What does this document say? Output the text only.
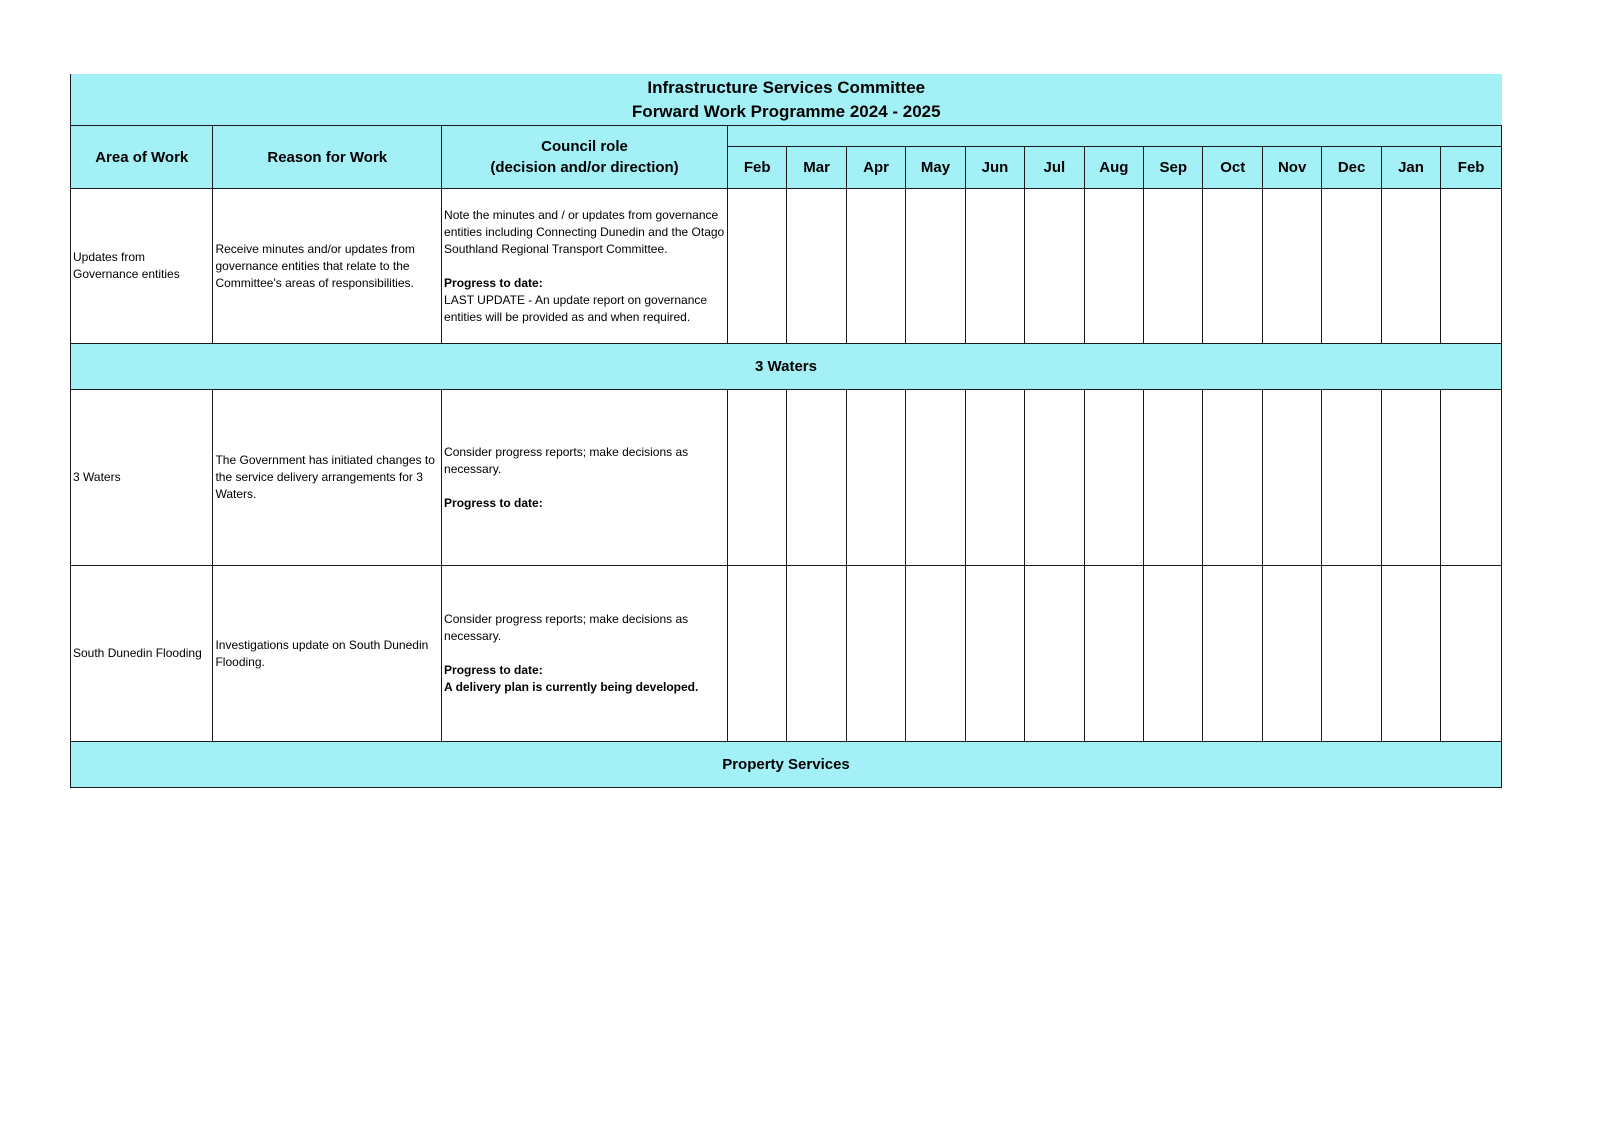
Infrastructure Services Committee
Forward Work Programme 2024 - 2025															

Area of Work	Reason for Work	Council role
(decision and/or direction)													

			Feb	Mar	Apr	May	Jun	Jul	Aug	Sep	Oct	Nov	Dec	Jan	Feb
Updates from Governance entities	Receive minutes and/or updates from governance entities that relate to the Committee's areas of responsibilities.	Note the minutes and / or updates from governance entities including Connecting Dunedin and the Otago Southland Regional Transport Committee.
Progress to date:
LAST UPDATE - An update report on governance entities will be provided as and when required.													

3 Waters															
3 Waters	The Government has initiated changes to the service delivery arrangements for 3 Waters.	Consider progress reports; make decisions as necessary.
Progress to date:													

South Dunedin Flooding	Investigations update on South Dunedin Flooding.	Consider progress reports; make decisions as necessary.
Progress to date:
A delivery plan is currently being developed.													

Property Services															
